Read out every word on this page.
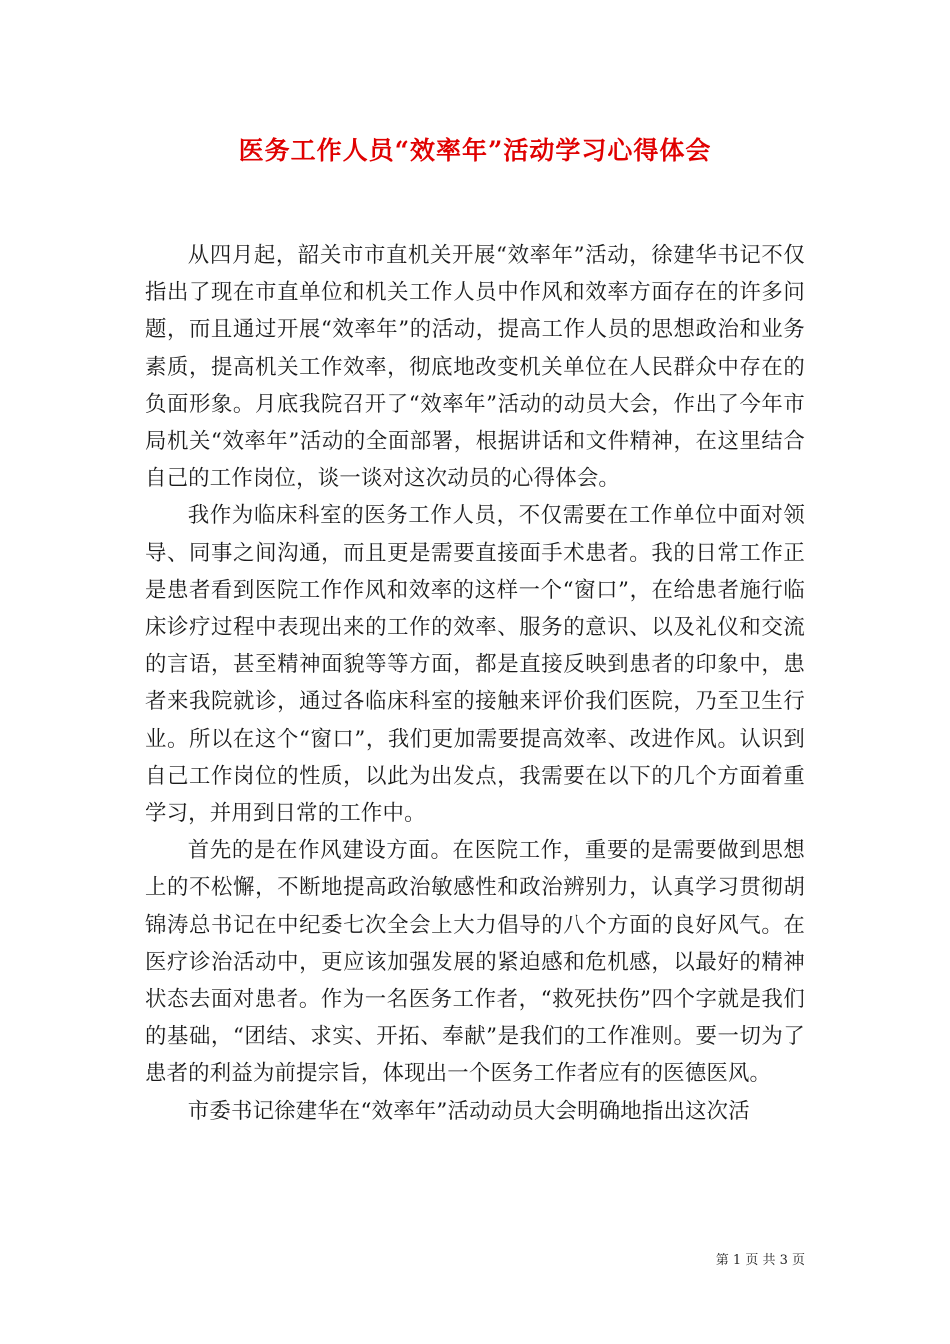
医务工作人员“效率年”活动学习心得体会

从四月起，韶关市市直机关开展“效率年”活动，徐建华书记不仅指出了现在市直单位和机关工作人员中作风和效率方面存在的许多问题，而且通过开展“效率年”的活动，提高工作人员的思想政治和业务素质，提高机关工作效率，彻底地改变机关单位在人民群众中存在的负面形象。月底我院召开了“效率年”活动的动员大会，作出了今年市局机关“效率年”活动的全面部署，根据讲话和文件精神，在这里结合自己的工作岗位，谈一谈对这次动员的心得体会。

我作为临床科室的医务工作人员，不仅需要在工作单位中面对领导、同事之间沟通，而且更是需要直接面手术患者。我的日常工作正是患者看到医院工作作风和效率的这样一个“窗口”，在给患者施行临床诊疗过程中表现出来的工作的效率、服务的意识、以及礼仪和交流的言语，甚至精神面貌等等方面，都是直接反映到患者的印象中，患者来我院就诊，通过各临床科室的接触来评价我们医院，乃至卫生行业。所以在这个“窗口”，我们更加需要提高效率、改进作风。认识到自己工作岗位的性质，以此为出发点，我需要在以下的几个方面着重学习，并用到日常的工作中。

首先的是在作风建设方面。在医院工作，重要的是需要做到思想上的不松懈，不断地提高政治敏感性和政治辨别力，认真学习贯彻胡锦涛总书记在中纪委七次全会上大力倡导的八个方面的良好风气。在医疗诊治活动中，更应该加强发展的紧迫感和危机感，以最好的精神状态去面对患者。作为一名医务工作者，“救死扶伤”四个字就是我们的基础，“团结、求实、开拓、奉献”是我们的工作准则。要一切为了患者的利益为前提宗旨，体现出一个医务工作者应有的医德医风。

市委书记徐建华在“效率年”活动动员大会明确地指出这次活

第 1 页 共 3 页
